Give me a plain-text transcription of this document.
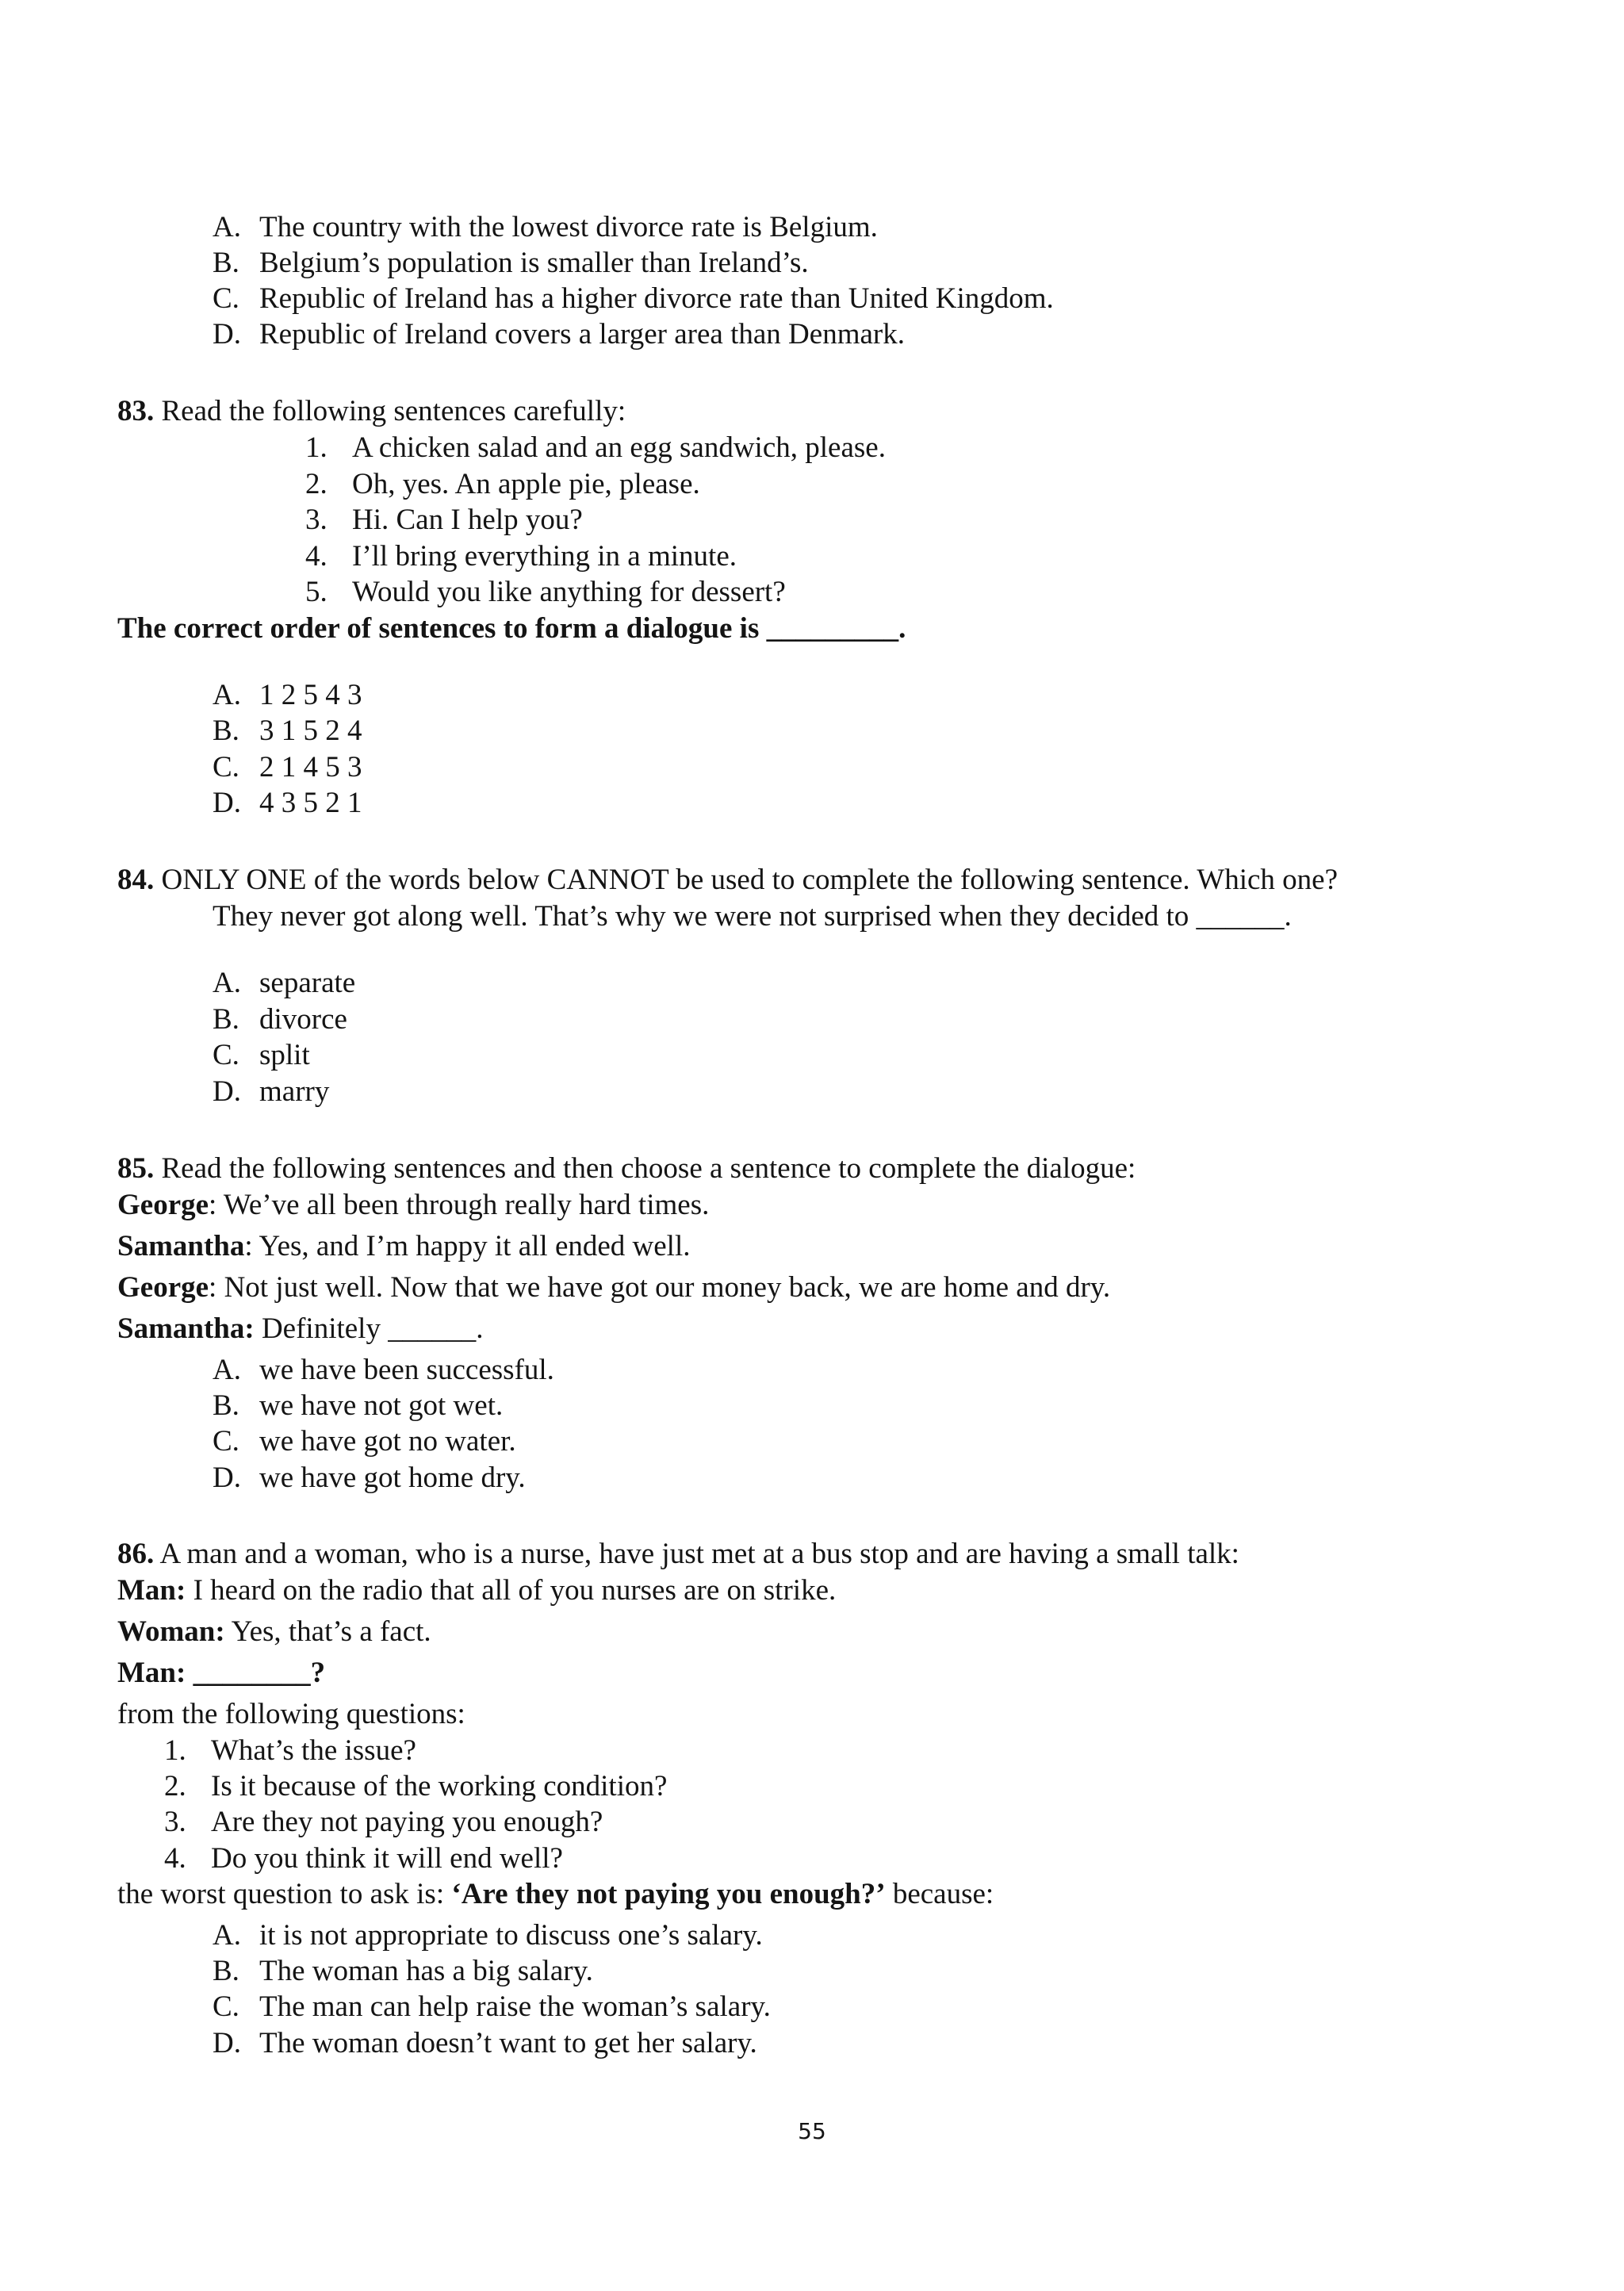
A. The country with the lowest divorce rate is Belgium.
B. Belgium’s population is smaller than Ireland’s.
C. Republic of Ireland has a higher divorce rate than United Kingdom.
D. Republic of Ireland covers a larger area than Denmark.
83. Read the following sentences carefully:
1. A chicken salad and an egg sandwich, please.
2. Oh, yes. An apple pie, please.
3. Hi. Can I help you?
4. I’ll bring everything in a minute.
5. Would you like anything for dessert?
The correct order of sentences to form a dialogue is _________.
A. 1 2 5 4 3
B. 3 1 5 2 4
C. 2 1 4 5 3
D. 4 3 5 2 1
84. ONLY ONE of the words below CANNOT be used to complete the following sentence. Which one?
They never got along well. That’s why we were not surprised when they decided to ______.
A. separate
B. divorce
C. split
D. marry
85. Read the following sentences and then choose a sentence to complete the dialogue:
George: We’ve all been through really hard times.
Samantha: Yes, and I’m happy it all ended well.
George: Not just well. Now that we have got our money back, we are home and dry.
Samantha: Definitely ______.
A. we have been successful.
B. we have not got wet.
C. we have got no water.
D. we have got home dry.
86. A man and a woman, who is a nurse, have just met at a bus stop and are having a small talk:
Man: I heard on the radio that all of you nurses are on strike.
Woman: Yes, that’s a fact.
Man: ________?
from the following questions:
1. What’s the issue?
2. Is it because of the working condition?
3. Are they not paying you enough?
4. Do you think it will end well?
the worst question to ask is: ‘Are they not paying you enough?’ because:
A. it is not appropriate to discuss one’s salary.
B. The woman has a big salary.
C. The man can help raise the woman’s salary.
D. The woman doesn’t want to get her salary.
55
